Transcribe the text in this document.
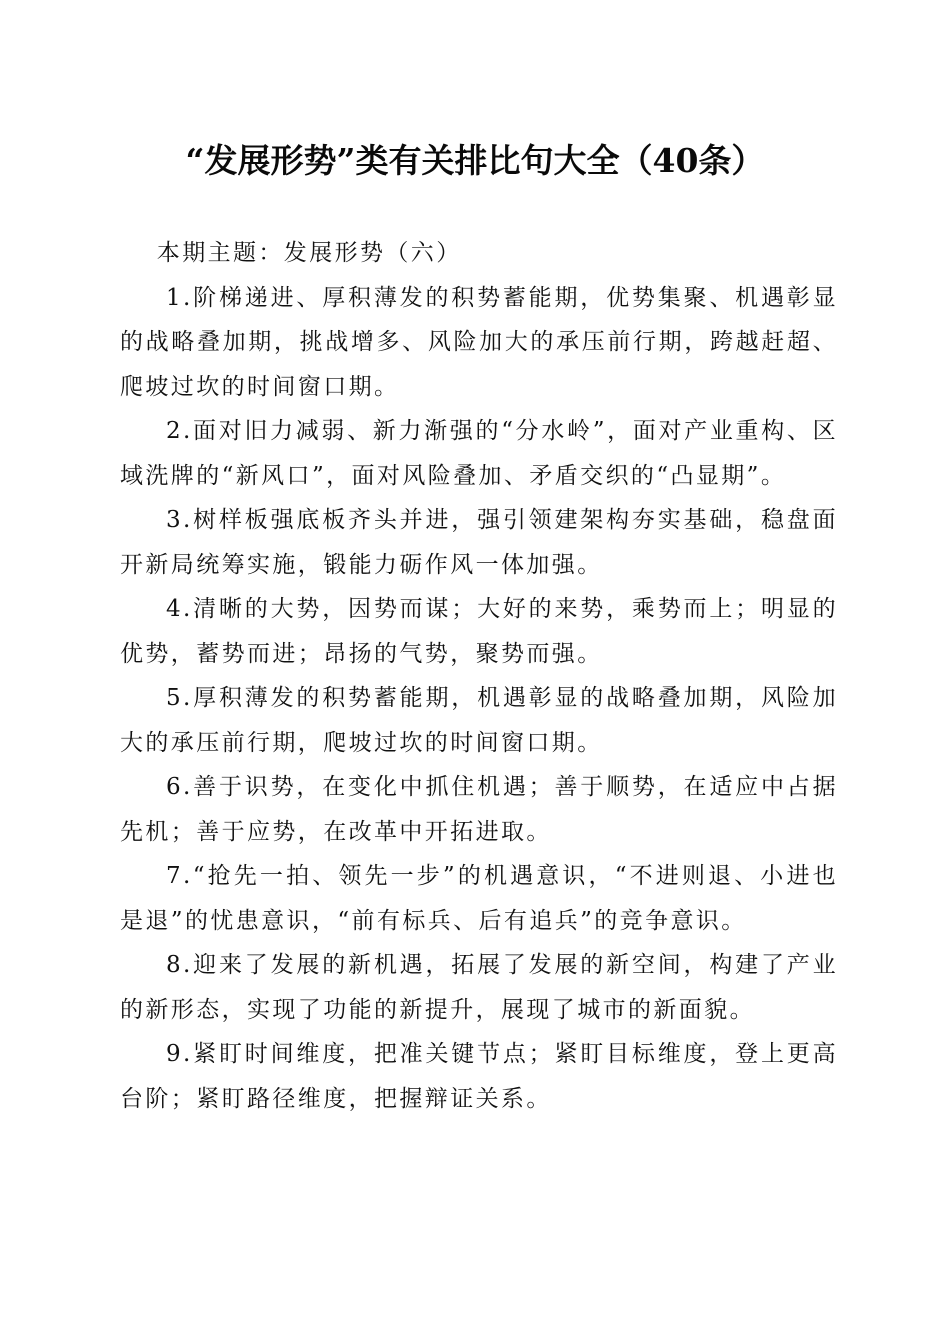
“发展形势”类有关排比句大全（40条）

本期主题：发展形势（六）

1.阶梯递进、厚积薄发的积势蓄能期，优势集聚、机遇彰显的战略叠加期，挑战增多、风险加大的承压前行期，跨越赶超、爬坡过坎的时间窗口期。

2.面对旧力减弱、新力渐强的“分水岭”，面对产业重构、区域洗牌的“新风口”，面对风险叠加、矛盾交织的“凸显期”。

3.树样板强底板齐头并进，强引领建架构夯实基础，稳盘面开新局统筹实施，锻能力砺作风一体加强。

4.清晰的大势，因势而谋；大好的来势，乘势而上；明显的优势，蓄势而进；昂扬的气势，聚势而强。

5.厚积薄发的积势蓄能期，机遇彰显的战略叠加期，风险加大的承压前行期，爬坡过坎的时间窗口期。

6.善于识势，在变化中抓住机遇；善于顺势，在适应中占据先机；善于应势，在改革中开拓进取。

7.“抢先一拍、领先一步”的机遇意识，“不进则退、小进也是退”的忧患意识，“前有标兵、后有追兵”的竞争意识。

8.迎来了发展的新机遇，拓展了发展的新空间，构建了产业的新形态，实现了功能的新提升，展现了城市的新面貌。

9.紧盯时间维度，把准关键节点；紧盯目标维度，登上更高台阶；紧盯路径维度，把握辩证关系。
